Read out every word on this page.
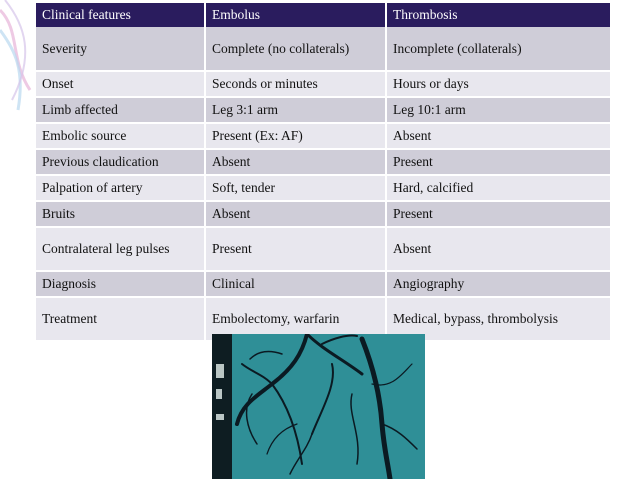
Clinical features	Embolus	Thrombosis
Severity	Complete (no collaterals)	Incomplete (collaterals)
Onset	Seconds or minutes	Hours or days
Limb affected	Leg 3:1 arm	Leg 10:1 arm
Embolic source	Present (Ex: AF)	Absent
Previous claudication	Absent	Present
Palpation of artery	Soft, tender	Hard, calcified
Bruits	Absent	Present
Contralateral leg pulses	Present	Absent
Diagnosis	Clinical	Angiography
Treatment	Embolectomy, warfarin	Medical, bypass, thrombolysis
